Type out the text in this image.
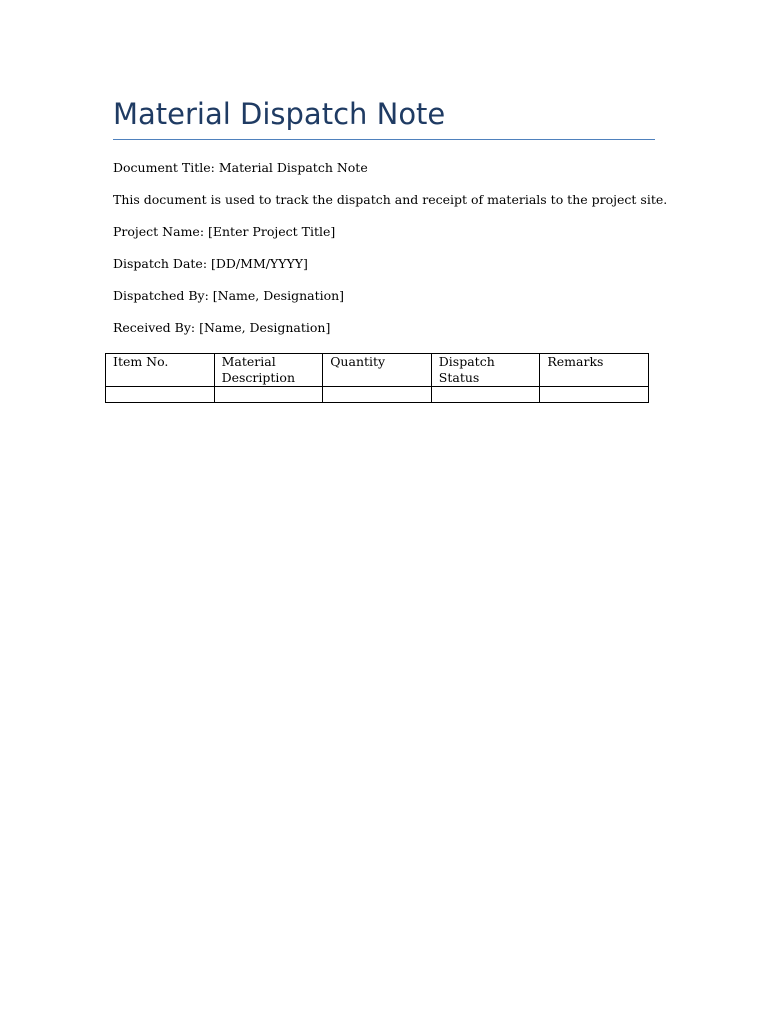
Material Dispatch Note

Document Title: Material Dispatch Note

This document is used to track the dispatch and receipt of materials to the project site.

Project Name: [Enter Project Title]

Dispatch Date: [DD/MM/YYYY]

Dispatched By: [Name, Designation]

Received By: [Name, Designation]

Item No.	Material Description	Quantity	Dispatch Status	Remarks
